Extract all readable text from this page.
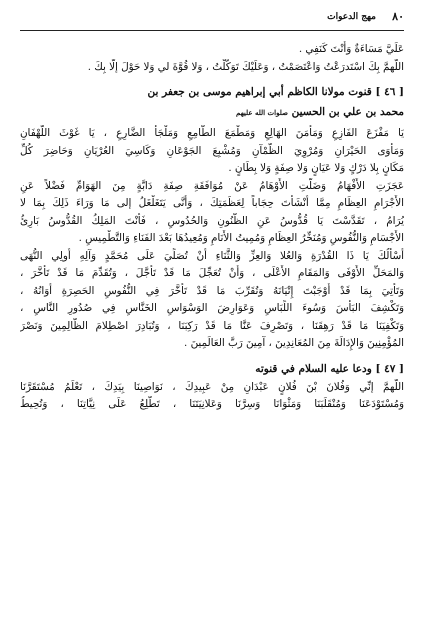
٨٠
مهج الدعوات
عَلَيَّ مَسَاءَةٌ وَأَنْتَ كَنَفِي .
اللّهمَّ بِكَ اسْتَدرَعْتُ وَاعْتَصَمْتُ ، وَعَلَيْكَ تَوَكَّلْتُ ، وَلا قُوَّةَ لي وَلا حَوْلَ إلّا بِكَ .
[ ٤٦ ] قنوت مولانا الكاظم أبي إبراهيم موسى بن جعفر بن
محمد بن علي بن الحسين صلوات الله عليهم
يَا مَفْزَعَ الفَازِعِ وَمَأْمَنَ الهَالِعِ وَمَطْمَعَ الطَّامِعِ وَمَلْجَأَ الضَّارِعِ ، يَا غَوْثَ اللَّهْفَانِ
وَمَأْوَى الحَيْرَانِ وَمُرْوِيَ الظَّمْآنِ وَمُشْبِعَ الجَوْعَانِ وَكَاسِيَ العُرْيَانِ وَحَاضِرَ كُلِّ
مَكَانٍ بِلا دَرْكٍ وَلا عَيَانٍ وَلا صِفَةٍ وَلا بِطَانٍ .
عَجَزَتِ الأَفْهَامُ وَضَلَّتِ الأَوْهَامُ عَنْ مُوَافَقَةِ صِفَةِ دَابَّةٍ مِنَ الهَوَامِّ فَضْلاً عَنِ
الأَجْرَامِ العِظَامِ مِمَّا أَنْشَأْتَ حِجَاباً لِعَظَمَتِكَ ، وَأَنَّى يَتَغَلْغَلُ إلى مَا وَرَاءَ ذَلِكَ بِمَا لا
يُرَامُ ، تَقَدَّسْتَ يَا قُدُّوسُ عَنِ الظُّنُونِ وَالحُدُوسِ ، فَأَنْتَ المَلِكُ القُدُّوسُ بَارِئُ
الأَجْسَامِ وَالنُّفُوسِ وَمُنَخِّرُ العِظَامِ وَمُمِيتُ الأَنَامِ وَمُعِيدُهَا بَعْدَ الفَنَاءِ وَالتَّطْمِيسِ .
أَسْأَلُكَ يَا ذَا القُدْرَةِ وَالعُلا وَالعِزِّ وَالثَّنَاءِ أَنْ تُصَلِّيَ عَلَى مُحَمَّدٍ وَآلِهِ أُولِي النُّهَى
وَالمَحَلِّ الأَوْفَى وَالمَقَامِ الأَعْلَى ، وَأَنْ تُعَجِّلَ مَا قَدْ تَأَجَّلَ ، وَتُقَدِّمَ مَا قَدْ تَأَخَّرَ ،
وَتَأْتِيَ بِمَا قَدْ أَوْجَبْتَ إِتْيَانَهُ وَتُقَرِّبَ مَا قَدْ تَأَخَّرَ فِي النُّفُوسِ الحَصِرَةِ أَوَانُهُ ،
وَتَكْشِفَ البَأْسَ وَسُوءَ اللِّبَاسِ وَعَوَارِضَ الوَسْوَاسِ الخَنَّاسِ فِي صُدُورِ النَّاسِ ،
وَتَكْفِيَنَا مَا قَدْ رَهِقَنَا ، وَتَصْرِفَ عَنَّا مَا قَدْ رَكِبَنَا ، وَتُبَادِرَ اصْطِلامَ الظَّالِمِينَ وَنَصْرَ
المُؤْمِنِينَ وَالإِدَالَةَ مِنَ المُعَانِدِينَ ، آمِينَ رَبَّ العَالَمِينَ .
[ ٤٧ ] ودعا عليه السلام في قنوته
اللّهمَّ إنِّي وَفُلانَ بْنَ فُلانٍ عَبْدَانِ مِنْ عَبِيدِكَ ، نَوَاصِينَا بِيَدِكَ ، تَعْلَمُ مُسْتَقَرَّنَا
وَمُسْتَوْدَعَنَا وَمُنْقَلَبَنَا وَمَثْوَانَا وَسِرَّنَا وَعَلانِيَتَنَا ، تَطَّلِعُ عَلَى نِيَّاتِنَا ، وَتُحِيطُ
